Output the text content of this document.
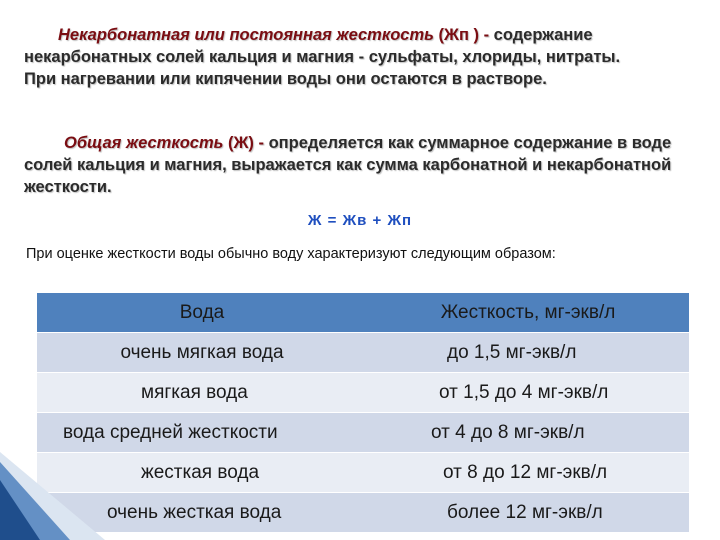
Некарбонатная или постоянная жесткость (Жп ) - содержание некарбонатных солей кальция и магния - сульфаты, хлориды, нитраты.
При нагревании или кипячении воды они остаются в растворе.
Общая жесткость (Ж) - определяется как суммарное содержание в воде солей кальция и магния, выражается как сумма карбонатной и некарбонатной жесткости.
Ж = Жв + Жп
При оценке жесткости воды обычно воду характеризуют следующим образом:
Вода	Жесткость, мг-экв/л
очень мягкая вода	до 1,5 мг-экв/л
мягкая вода	от 1,5 до 4 мг-экв/л
вода средней жесткости	от 4 до 8 мг-экв/л
жесткая вода	от 8 до 12 мг-экв/л
очень жесткая вода	более 12 мг-экв/л
